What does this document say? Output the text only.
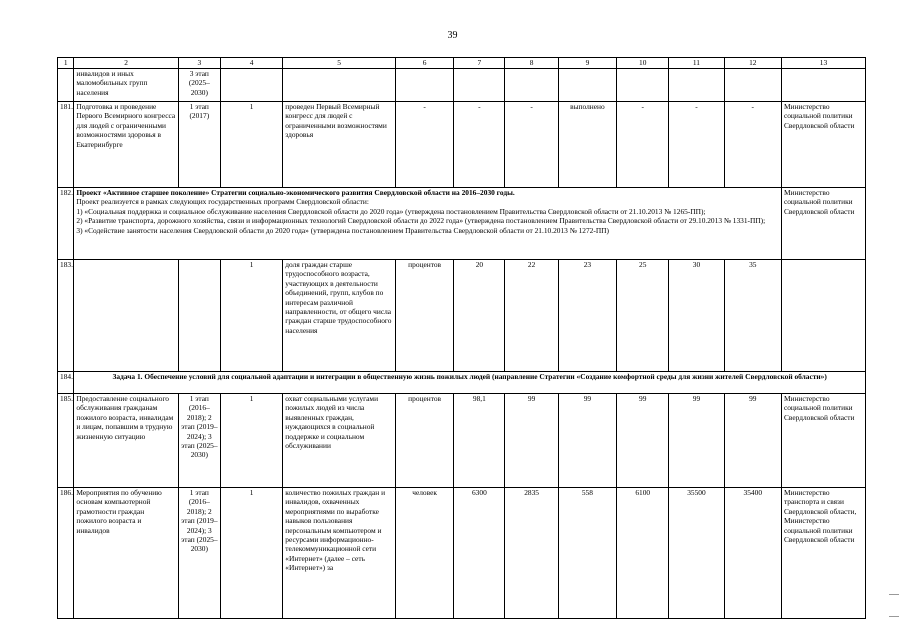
39
1	2	3	4	5	6	7	8	9	10	11	12	13
	инвалидов и иных маломобильных групп населения	3 этап (2025–2030)										
181.	Подготовка и проведение Первого Всемирного конгресса для людей с ограниченными возможностями здоровья в Екатеринбурге	1 этап (2017)	1	проведен Первый Всемирный конгресс для людей с ограниченными возможностями здоровья	-	-	-	выполнено	-	-	-	Министерство социальной политики Свердловской области
182.	Проект «Активное старшее поколение» Стратегии социально-экономического развития Свердловской области на 2016–2030 годы.
Проект реализуется в рамках следующих государственных программ Свердловской области:
1) «Социальная поддержка и социальное обслуживание населения Свердловской области до 2020 года» (утверждена постановлением Правительства Свердловской области от 21.10.2013 № 1265-ПП);
2) «Развитие транспорта, дорожного хозяйства, связи и информационных технологий Свердловской области до 2022 года» (утверждена постановлением Правительства Свердловской области от 29.10.2013 № 1331-ПП);
3) «Содействие занятости населения Свердловской области до 2020 года» (утверждена постановлением Правительства Свердловской области от 21.10.2013 № 1272-ПП)											Министерство социальной политики Свердловской области
183.			1	доля граждан старше трудоспособного возраста, участвующих в деятельности объединений, групп, клубов по интересам различной направленности, от общего числа граждан старше трудоспособного населения	процентов	20	22	23	25	30	35	
184.	Задача 1. Обеспечение условий для социальной адаптации и интеграции в общественную жизнь пожилых людей (направление Стратегии «Создание комфортной среды для жизни жителей Свердловской области»)											
185.	Предоставление социального обслуживания гражданам пожилого возраста, инвалидам и лицам, попавшим в трудную жизненную ситуацию	1 этап (2016–2018); 2 этап (2019–2024); 3 этап (2025–2030)	1	охват социальными услугами пожилых людей из числа выявленных граждан, нуждающихся в социальной поддержке и социальном обслуживании	процентов	98,1	99	99	99	99	99	Министерство социальной политики Свердловской области
186.	Мероприятия по обучению основам компьютерной грамотности граждан пожилого возраста и инвалидов	1 этап (2016–2018); 2 этап (2019–2024); 3 этап (2025–2030)	1	количество пожилых граждан и инвалидов, охваченных мероприятиями по выработке навыков пользования персональным компьютером и ресурсами информационно-телекоммуникационной сети «Интернет» (далее – сеть «Интернет») за	человек	6300	2835	558	6100	35500	35400	Министерство транспорта и связи Свердловской области, Министерство социальной политики Свердловской области
